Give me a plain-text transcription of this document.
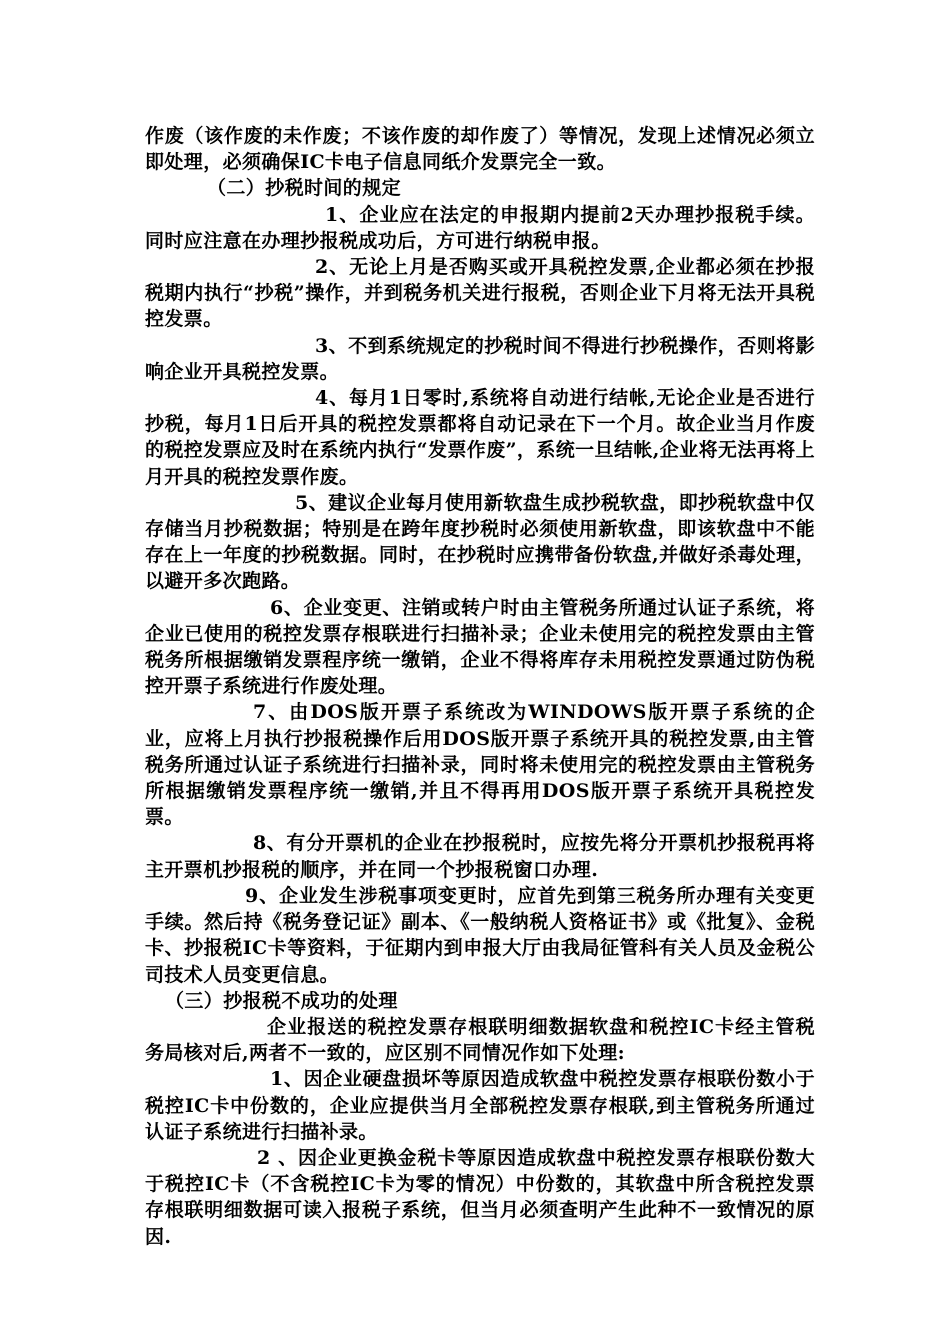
作废（该作废的未作废；不该作废的却作废了）等情况，发现上述情况必须立即处理，必须确保IC卡电子信息同纸介发票完全一致。

（二）抄税时间的规定

1、企业应在法定的申报期内提前2天办理抄报税手续。同时应注意在办理抄报税成功后，方可进行纳税申报。

2、无论上月是否购买或开具税控发票,企业都必须在抄报税期内执行“抄税”操作，并到税务机关进行报税，否则企业下月将无法开具税控发票。

3、不到系统规定的抄税时间不得进行抄税操作，否则将影响企业开具税控发票。

4、每月1日零时,系统将自动进行结帐,无论企业是否进行抄税，每月1日后开具的税控发票都将自动记录在下一个月。故企业当月作废的税控发票应及时在系统内执行“发票作废”，系统一旦结帐,企业将无法再将上月开具的税控发票作废。

5、建议企业每月使用新软盘生成抄税软盘，即抄税软盘中仅存储当月抄税数据；特别是在跨年度抄税时必须使用新软盘，即该软盘中不能存在上一年度的抄税数据。同时，在抄税时应携带备份软盘,并做好杀毒处理，以避开多次跑路。

6、企业变更、注销或转户时由主管税务所通过认证子系统，将企业已使用的税控发票存根联进行扫描补录；企业未使用完的税控发票由主管税务所根据缴销发票程序统一缴销，企业不得将库存未用税控发票通过防伪税控开票子系统进行作废处理。

7、由DOS版开票子系统改为WINDOWS版开票子系统的企业，应将上月执行抄报税操作后用DOS版开票子系统开具的税控发票,由主管税务所通过认证子系统进行扫描补录，同时将未使用完的税控发票由主管税务所根据缴销发票程序统一缴销,并且不得再用DOS版开票子系统开具税控发票。

8、有分开票机的企业在抄报税时，应按先将分开票机抄报税再将主开票机抄报税的顺序，并在同一个抄报税窗口办理.

9、企业发生涉税事项变更时，应首先到第三税务所办理有关变更手续。然后持《税务登记证》副本、《一般纳税人资格证书》或《批复》、金税卡、抄报税IC卡等资料，于征期内到申报大厅由我局征管科有关人员及金税公司技术人员变更信息。

（三）抄报税不成功的处理

企业报送的税控发票存根联明细数据软盘和税控IC卡经主管税务局核对后,两者不一致的，应区别不同情况作如下处理:

1、因企业硬盘损坏等原因造成软盘中税控发票存根联份数小于税控IC卡中份数的，企业应提供当月全部税控发票存根联,到主管税务所通过认证子系统进行扫描补录。

2 、因企业更换金税卡等原因造成软盘中税控发票存根联份数大于税控IC卡（不含税控IC卡为零的情况）中份数的，其软盘中所含税控发票存根联明细数据可读入报税子系统，但当月必须查明产生此种不一致情况的原因.
